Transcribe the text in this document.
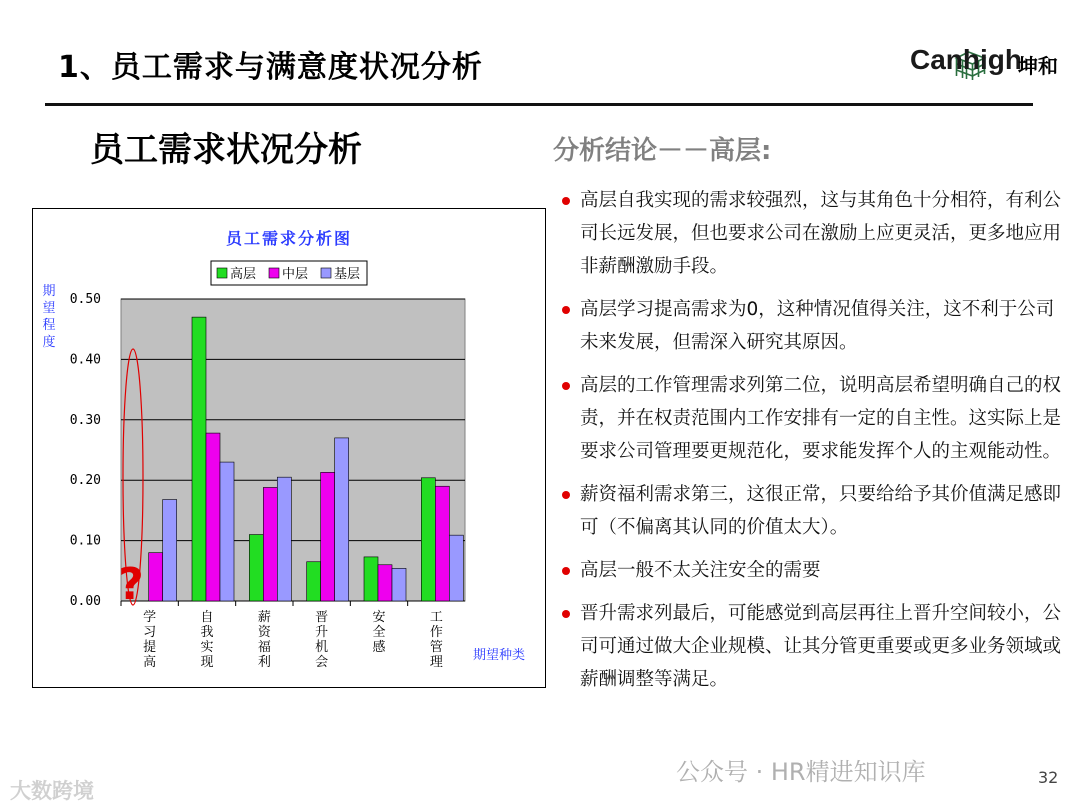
1、员工需求与满意度状况分析	Canhigh
坤和
员工需求状况分析	分析结论－－高层:
0.00
0.10
0.20
0.30
0.40
0.50
学习提高
自我实现
薪资福利
晋升机会
安全感
工作管理
员工需求分析图
高层 中层 基层
期望程度
期望种类
?
高层自我实现的需求较强烈，这与其角色十分相符，有利公司长远发展，但也要求公司在激励上应更灵活，更多地应用非薪酬激励手段。
高层学习提高需求为0，这种情况值得关注，这不利于公司未来发展，但需深入研究其原因。
高层的工作管理需求列第二位，说明高层希望明确自己的权责，并在权责范围内工作安排有一定的自主性。这实际上是要求公司管理要更规范化，要求能发挥个人的主观能动性。
薪资福利需求第三，这很正常，只要给给予其价值满足感即可（不偏离其认同的价值太大）。
高层一般不太关注安全的需要
晋升需求列最后，可能感觉到高层再往上晋升空间较小，公司可通过做大企业规模、让其分管更重要或更多业务领域或薪酬调整等满足。
公众号 · HR精进知识库
大数跨境
32
